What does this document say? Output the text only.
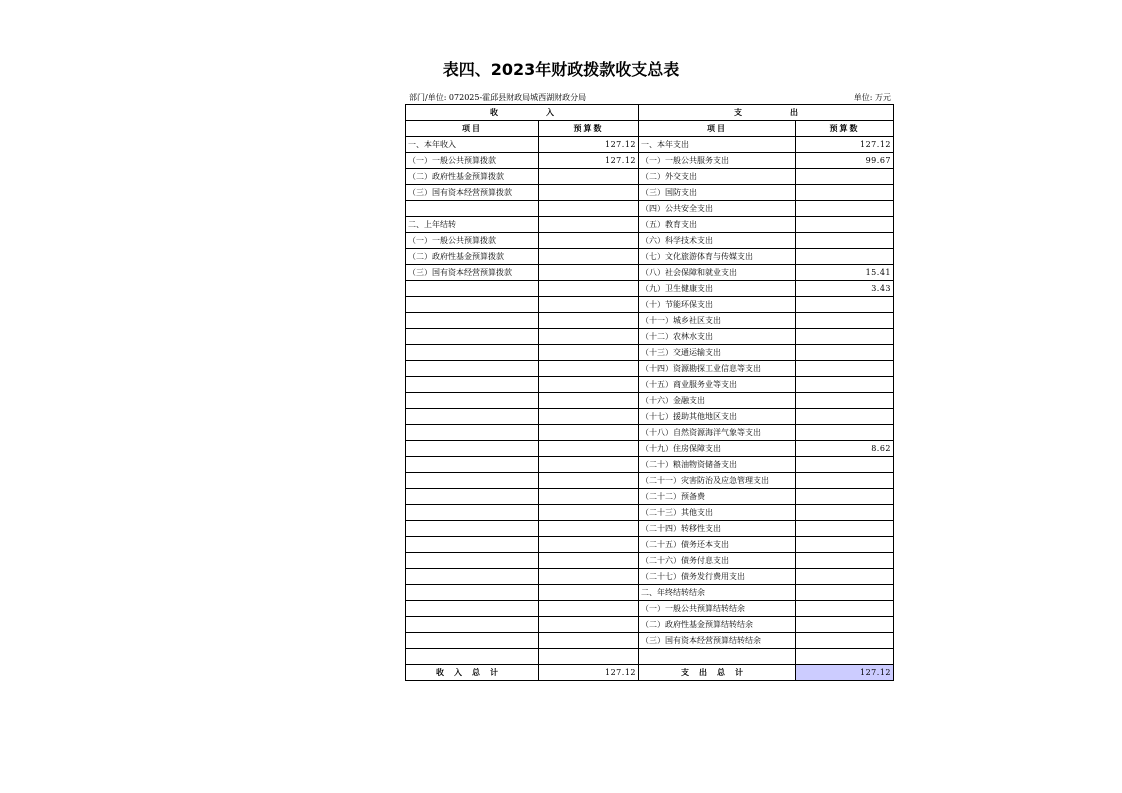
表四、2023年财政拨款收支总表
部门/单位: 072025-霍邱县财政局城西湖财政分局	单位: 万元
收 入		支 出	
项目	预算数	项目	预算数
一、本年收入	127.12	一、本年支出	127.12
（一）一般公共预算拨款	127.12	（一）一般公共服务支出	99.67
（二）政府性基金预算拨款		（二）外交支出	
（三）国有资本经营预算拨款		（三）国防支出	
		（四）公共安全支出	
二、上年结转		（五）教育支出	
（一）一般公共预算拨款		（六）科学技术支出	
（二）政府性基金预算拨款		（七）文化旅游体育与传媒支出	
（三）国有资本经营预算拨款		（八）社会保障和就业支出	15.41
		（九）卫生健康支出	3.43
		（十）节能环保支出	
		（十一）城乡社区支出	
		（十二）农林水支出	
		（十三）交通运输支出	
		（十四）资源勘探工业信息等支出	
		（十五）商业服务业等支出	
		（十六）金融支出	
		（十七）援助其他地区支出	
		（十八）自然资源海洋气象等支出	
		（十九）住房保障支出	8.62
		（二十）粮油物资储备支出	
		（二十一）灾害防治及应急管理支出	
		（二十二）预备费	
		（二十三）其他支出	
		（二十四）转移性支出	
		（二十五）债务还本支出	
		（二十六）债务付息支出	
		（二十七）债务发行费用支出	
		二、年终结转结余	
		（一）一般公共预算结转结余	
		（二）政府性基金预算结转结余	
		（三）国有资本经营预算结转结余	

收入总计	127.12	支出总计	127.12
